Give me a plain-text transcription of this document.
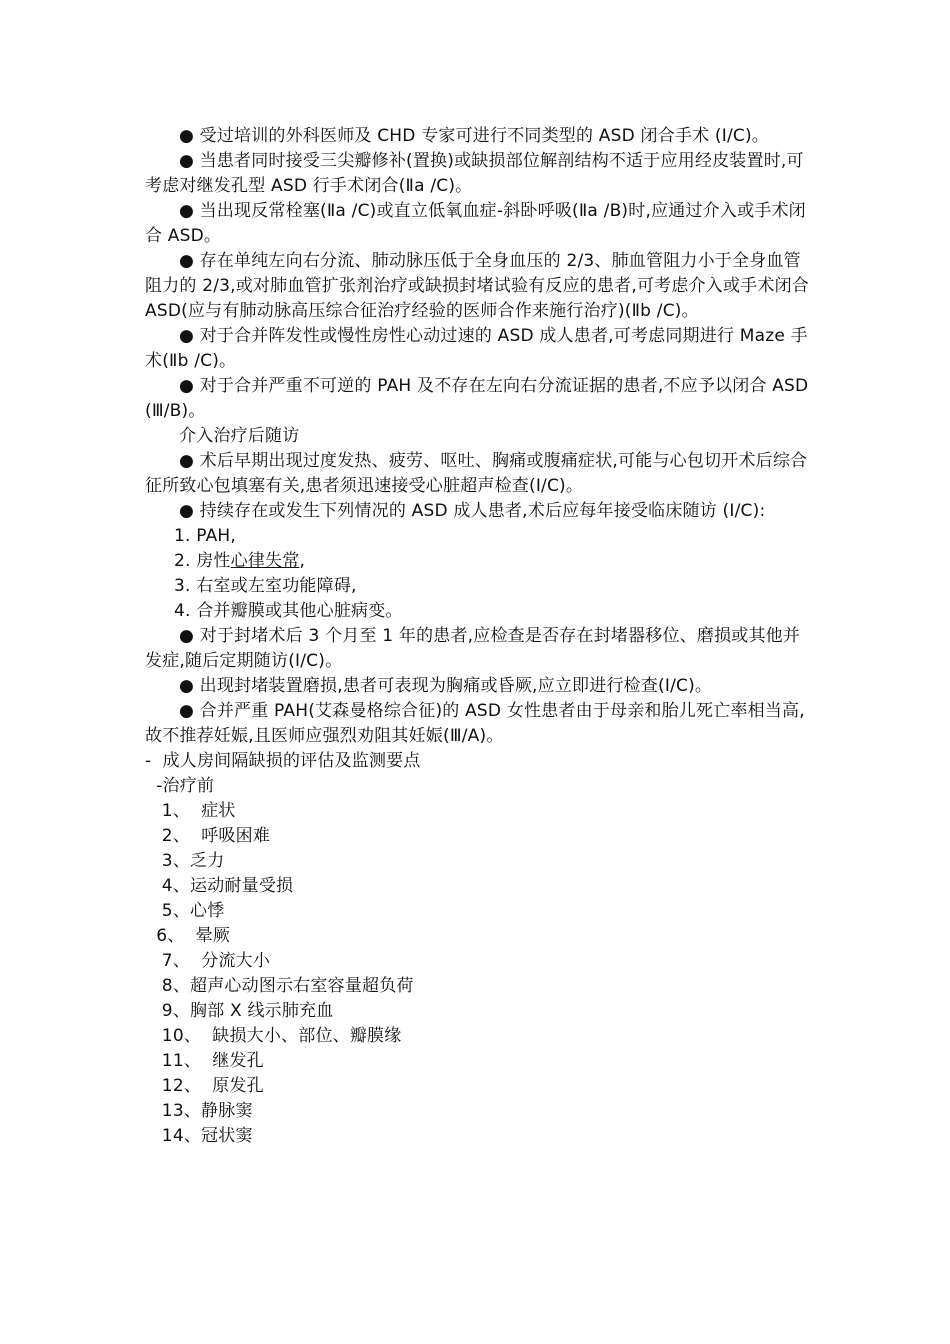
● 受过培训的外科医师及 CHD 专家可进行不同类型的 ASD 闭合手术 (Ⅰ/C)。

● 当患者同时接受三尖瓣修补(置换)或缺损部位解剖结构不适于应用经皮装置时,可考虑对继发孔型 ASD 行手术闭合(Ⅱa /C)。

● 当出现反常栓塞(Ⅱa /C)或直立低氧血症-斜卧呼吸(Ⅱa /B)时,应通过介入或手术闭合 ASD。

● 存在单纯左向右分流、肺动脉压低于全身血压的 2/3、肺血管阻力小于全身血管阻力的 2/3,或对肺血管扩张剂治疗或缺损封堵试验有反应的患者,可考虑介入或手术闭合 ASD(应与有肺动脉高压综合征治疗经验的医师合作来施行治疗)(Ⅱb /C)。

● 对于合并阵发性或慢性房性心动过速的 ASD 成人患者,可考虑同期进行 Maze 手术(Ⅱb /C)。

● 对于合并严重不可逆的 PAH 及不存在左向右分流证据的患者,不应予以闭合 ASD(Ⅲ/B)。

介入治疗后随访

● 术后早期出现过度发热、疲劳、呕吐、胸痛或腹痛症状,可能与心包切开术后综合征所致心包填塞有关,患者须迅速接受心脏超声检查(Ⅰ/C)。

● 持续存在或发生下列情况的 ASD 成人患者,术后应每年接受临床随访 (Ⅰ/C):

1. PAH,

2. 房性心律失常,

3. 右室或左室功能障碍,

4. 合并瓣膜或其他心脏病变。

● 对于封堵术后 3 个月至 1 年的患者,应检查是否存在封堵器移位、磨损或其他并发症,随后定期随访(Ⅰ/C)。

● 出现封堵装置磨损,患者可表现为胸痛或昏厥,应立即进行检查(Ⅰ/C)。

● 合并严重 PAH(艾森曼格综合征)的 ASD 女性患者由于母亲和胎儿死亡率相当高,故不推荐妊娠,且医师应强烈劝阻其妊娠(Ⅲ/A)。

-  成人房间隔缺损的评估及监测要点

-治疗前

1、  症状

2、  呼吸困难

3、乏力

4、运动耐量受损

5、心悸

6、  晕厥

7、  分流大小

8、超声心动图示右室容量超负荷

9、胸部 X 线示肺充血

10、  缺损大小、部位、瓣膜缘

11、  继发孔

12、  原发孔

13、静脉窦

14、冠状窦
